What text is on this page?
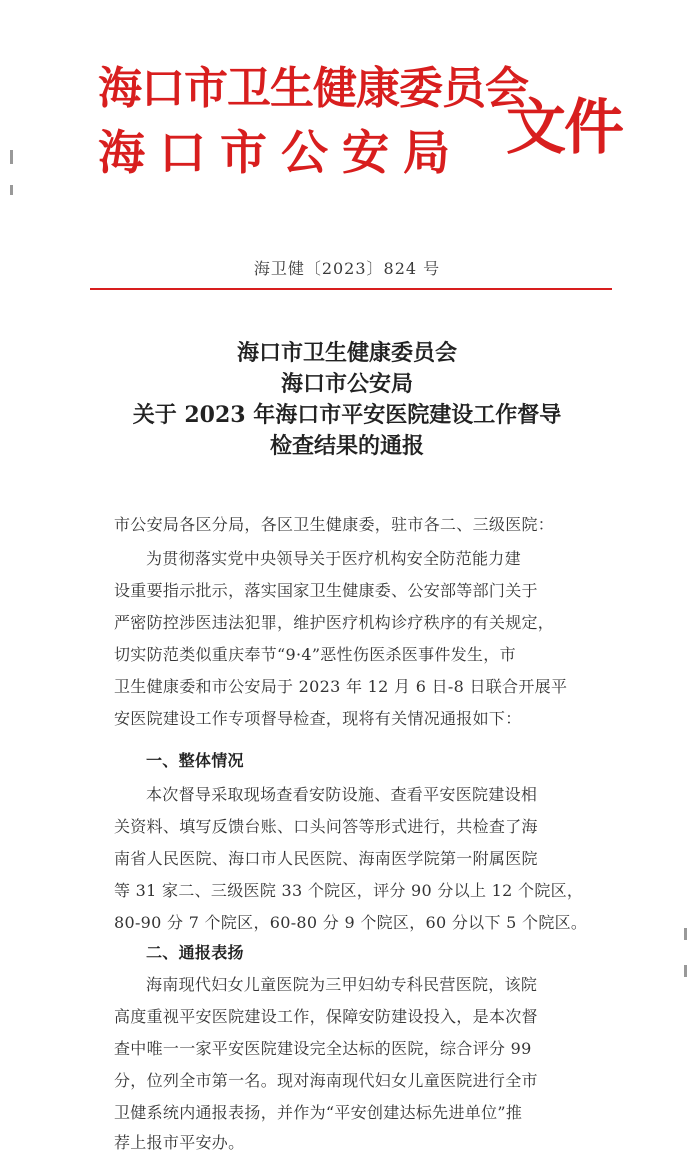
海口市卫生健康委员会
海口市公安局 文件
海卫健〔2023〕824 号
海口市卫生健康委员会
海口市公安局
关于 2023 年海口市平安医院建设工作督导
检查结果的通报
市公安局各区分局，各区卫生健康委，驻市各二、三级医院：
为贯彻落实党中央领导关于医疗机构安全防范能力建
设重要指示批示，落实国家卫生健康委、公安部等部门关于
严密防控涉医违法犯罪，维护医疗机构诊疗秩序的有关规定，
切实防范类似重庆奉节“9·4”恶性伤医杀医事件发生，市
卫生健康委和市公安局于 2023 年 12 月 6 日-8 日联合开展平
安医院建设工作专项督导检查，现将有关情况通报如下：
一、整体情况
本次督导采取现场查看安防设施、查看平安医院建设相
关资料、填写反馈台账、口头问答等形式进行，共检查了海
南省人民医院、海口市人民医院、海南医学院第一附属医院
等 31 家二、三级医院 33 个院区，评分 90 分以上 12 个院区，
80-90 分 7 个院区，60-80 分 9 个院区，60 分以下 5 个院区。
二、通报表扬
海南现代妇女儿童医院为三甲妇幼专科民营医院，该院
高度重视平安医院建设工作，保障安防建设投入，是本次督
查中唯一一家平安医院建设完全达标的医院，综合评分 99
分，位列全市第一名。现对海南现代妇女儿童医院进行全市
卫健系统内通报表扬，并作为“平安创建达标先进单位”推
荐上报市平安办。
